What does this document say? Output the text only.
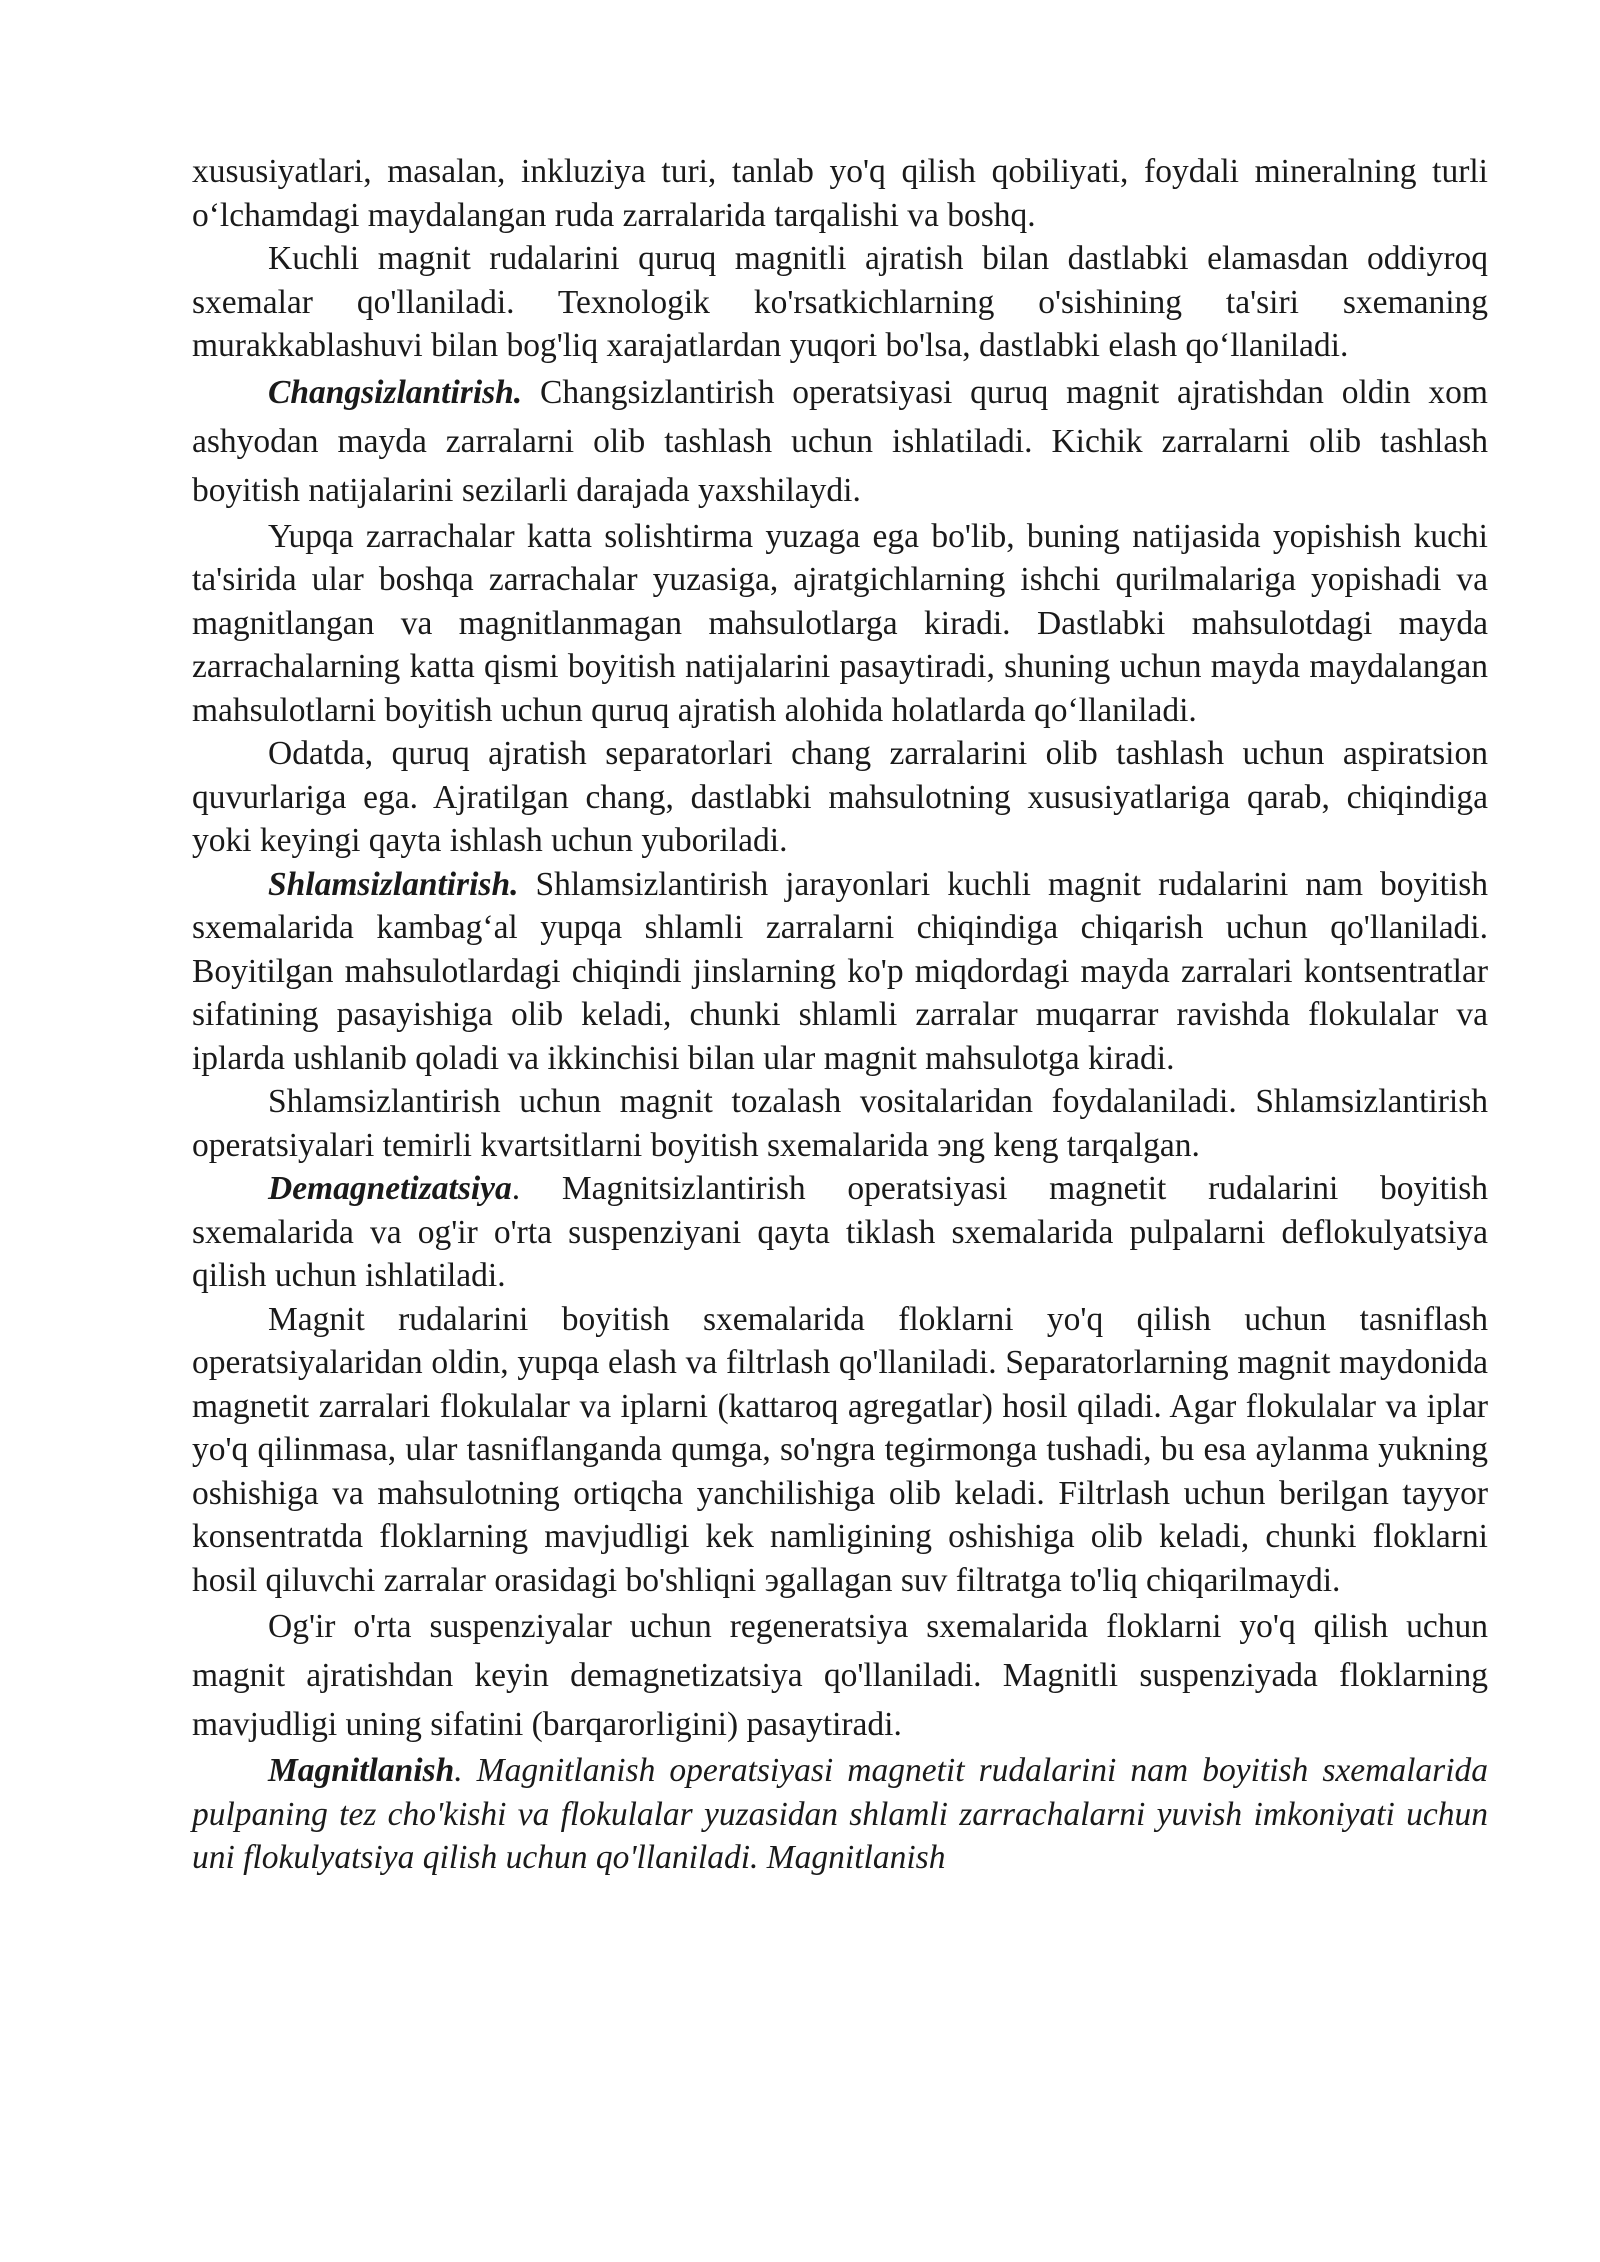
xususiyatlari, masalan, inkluziya turi, tanlab yo'q qilish qobiliyati, foydali mineralning turli oʻlchamdagi maydalangan ruda zarralarida tarqalishi va boshq.

Kuchli magnit rudalarini quruq magnitli ajratish bilan dastlabki elamasdan oddiyroq sxemalar qo'llaniladi. Texnologik ko'rsatkichlarning o'sishining ta'siri sxemaning murakkablashuvi bilan bog'liq xarajatlardan yuqori bo'lsa, dastlabki elash qoʻllaniladi.

Changsizlantirish. Changsizlantirish operatsiyasi quruq magnit ajratishdan oldin xom ashyodan mayda zarralarni olib tashlash uchun ishlatiladi. Kichik zarralarni olib tashlash boyitish natijalarini sezilarli darajada yaxshilaydi.

Yupqa zarrachalar katta solishtirma yuzaga ega bo'lib, buning natijasida yopishish kuchi ta'sirida ular boshqa zarrachalar yuzasiga, ajratgichlarning ishchi qurilmalariga yopishadi va magnitlangan va magnitlanmagan mahsulotlarga kiradi. Dastlabki mahsulotdagi mayda zarrachalarning katta qismi boyitish natijalarini pasaytiradi, shuning uchun mayda maydalangan mahsulotlarni boyitish uchun quruq ajratish alohida holatlarda qoʻllaniladi.

Odatda, quruq ajratish separatorlari chang zarralarini olib tashlash uchun aspiratsion quvurlariga ega. Ajratilgan chang, dastlabki mahsulotning xususiyatlariga qarab, chiqindiga yoki keyingi qayta ishlash uchun yuboriladi.

Shlamsizlantirish. Shlamsizlantirish jarayonlari kuchli magnit rudalarini nam boyitish sxemalarida kambagʻal yupqa shlamli zarralarni chiqindiga chiqarish uchun qo'llaniladi. Boyitilgan mahsulotlardagi chiqindi jinslarning ko'p miqdordagi mayda zarralari kontsentratlar sifatining pasayishiga olib keladi, chunki shlamli zarralar muqarrar ravishda flokulalar va iplarda ushlanib qoladi va ikkinchisi bilan ular magnit mahsulotga kiradi.

Shlamsizlantirish uchun magnit tozalash vositalaridan foydalaniladi. Shlamsizlantirish operatsiyalari temirli kvartsitlarni boyitish sxemalarida эng keng tarqalgan.

Demagnetizatsiya. Magnitsizlantirish operatsiyasi magnetit rudalarini boyitish sxemalarida va og'ir o'rta suspenziyani qayta tiklash sxemalarida pulpalarni deflokulyatsiya qilish uchun ishlatiladi.

Magnit rudalarini boyitish sxemalarida floklarni yo'q qilish uchun tasniflash operatsiyalaridan oldin, yupqa elash va filtrlash qo'llaniladi. Separatorlarning magnit maydonida magnetit zarralari flokulalar va iplarni (kattaroq agregatlar) hosil qiladi. Agar flokulalar va iplar yo'q qilinmasa, ular tasniflanganda qumga, so'ngra tegirmonga tushadi, bu esa aylanma yukning oshishiga va mahsulotning ortiqcha yanchilishiga olib keladi. Filtrlash uchun berilgan tayyor konsentratda floklarning mavjudligi kek namligining oshishiga olib keladi, chunki floklarni hosil qiluvchi zarralar orasidagi bo'shliqni эgallagan suv filtratga to'liq chiqarilmaydi.

Og'ir o'rta suspenziyalar uchun regeneratsiya sxemalarida floklarni yo'q qilish uchun magnit ajratishdan keyin demagnetizatsiya qo'llaniladi. Magnitli suspenziyada floklarning mavjudligi uning sifatini (barqarorligini) pasaytiradi.

Magnitlanish. Magnitlanish operatsiyasi magnetit rudalarini nam boyitish sxemalarida pulpaning tez cho'kishi va flokulalar yuzasidan shlamli zarrachalarni yuvish imkoniyati uchun uni flokulyatsiya qilish uchun qo'llaniladi. Magnitlanish
